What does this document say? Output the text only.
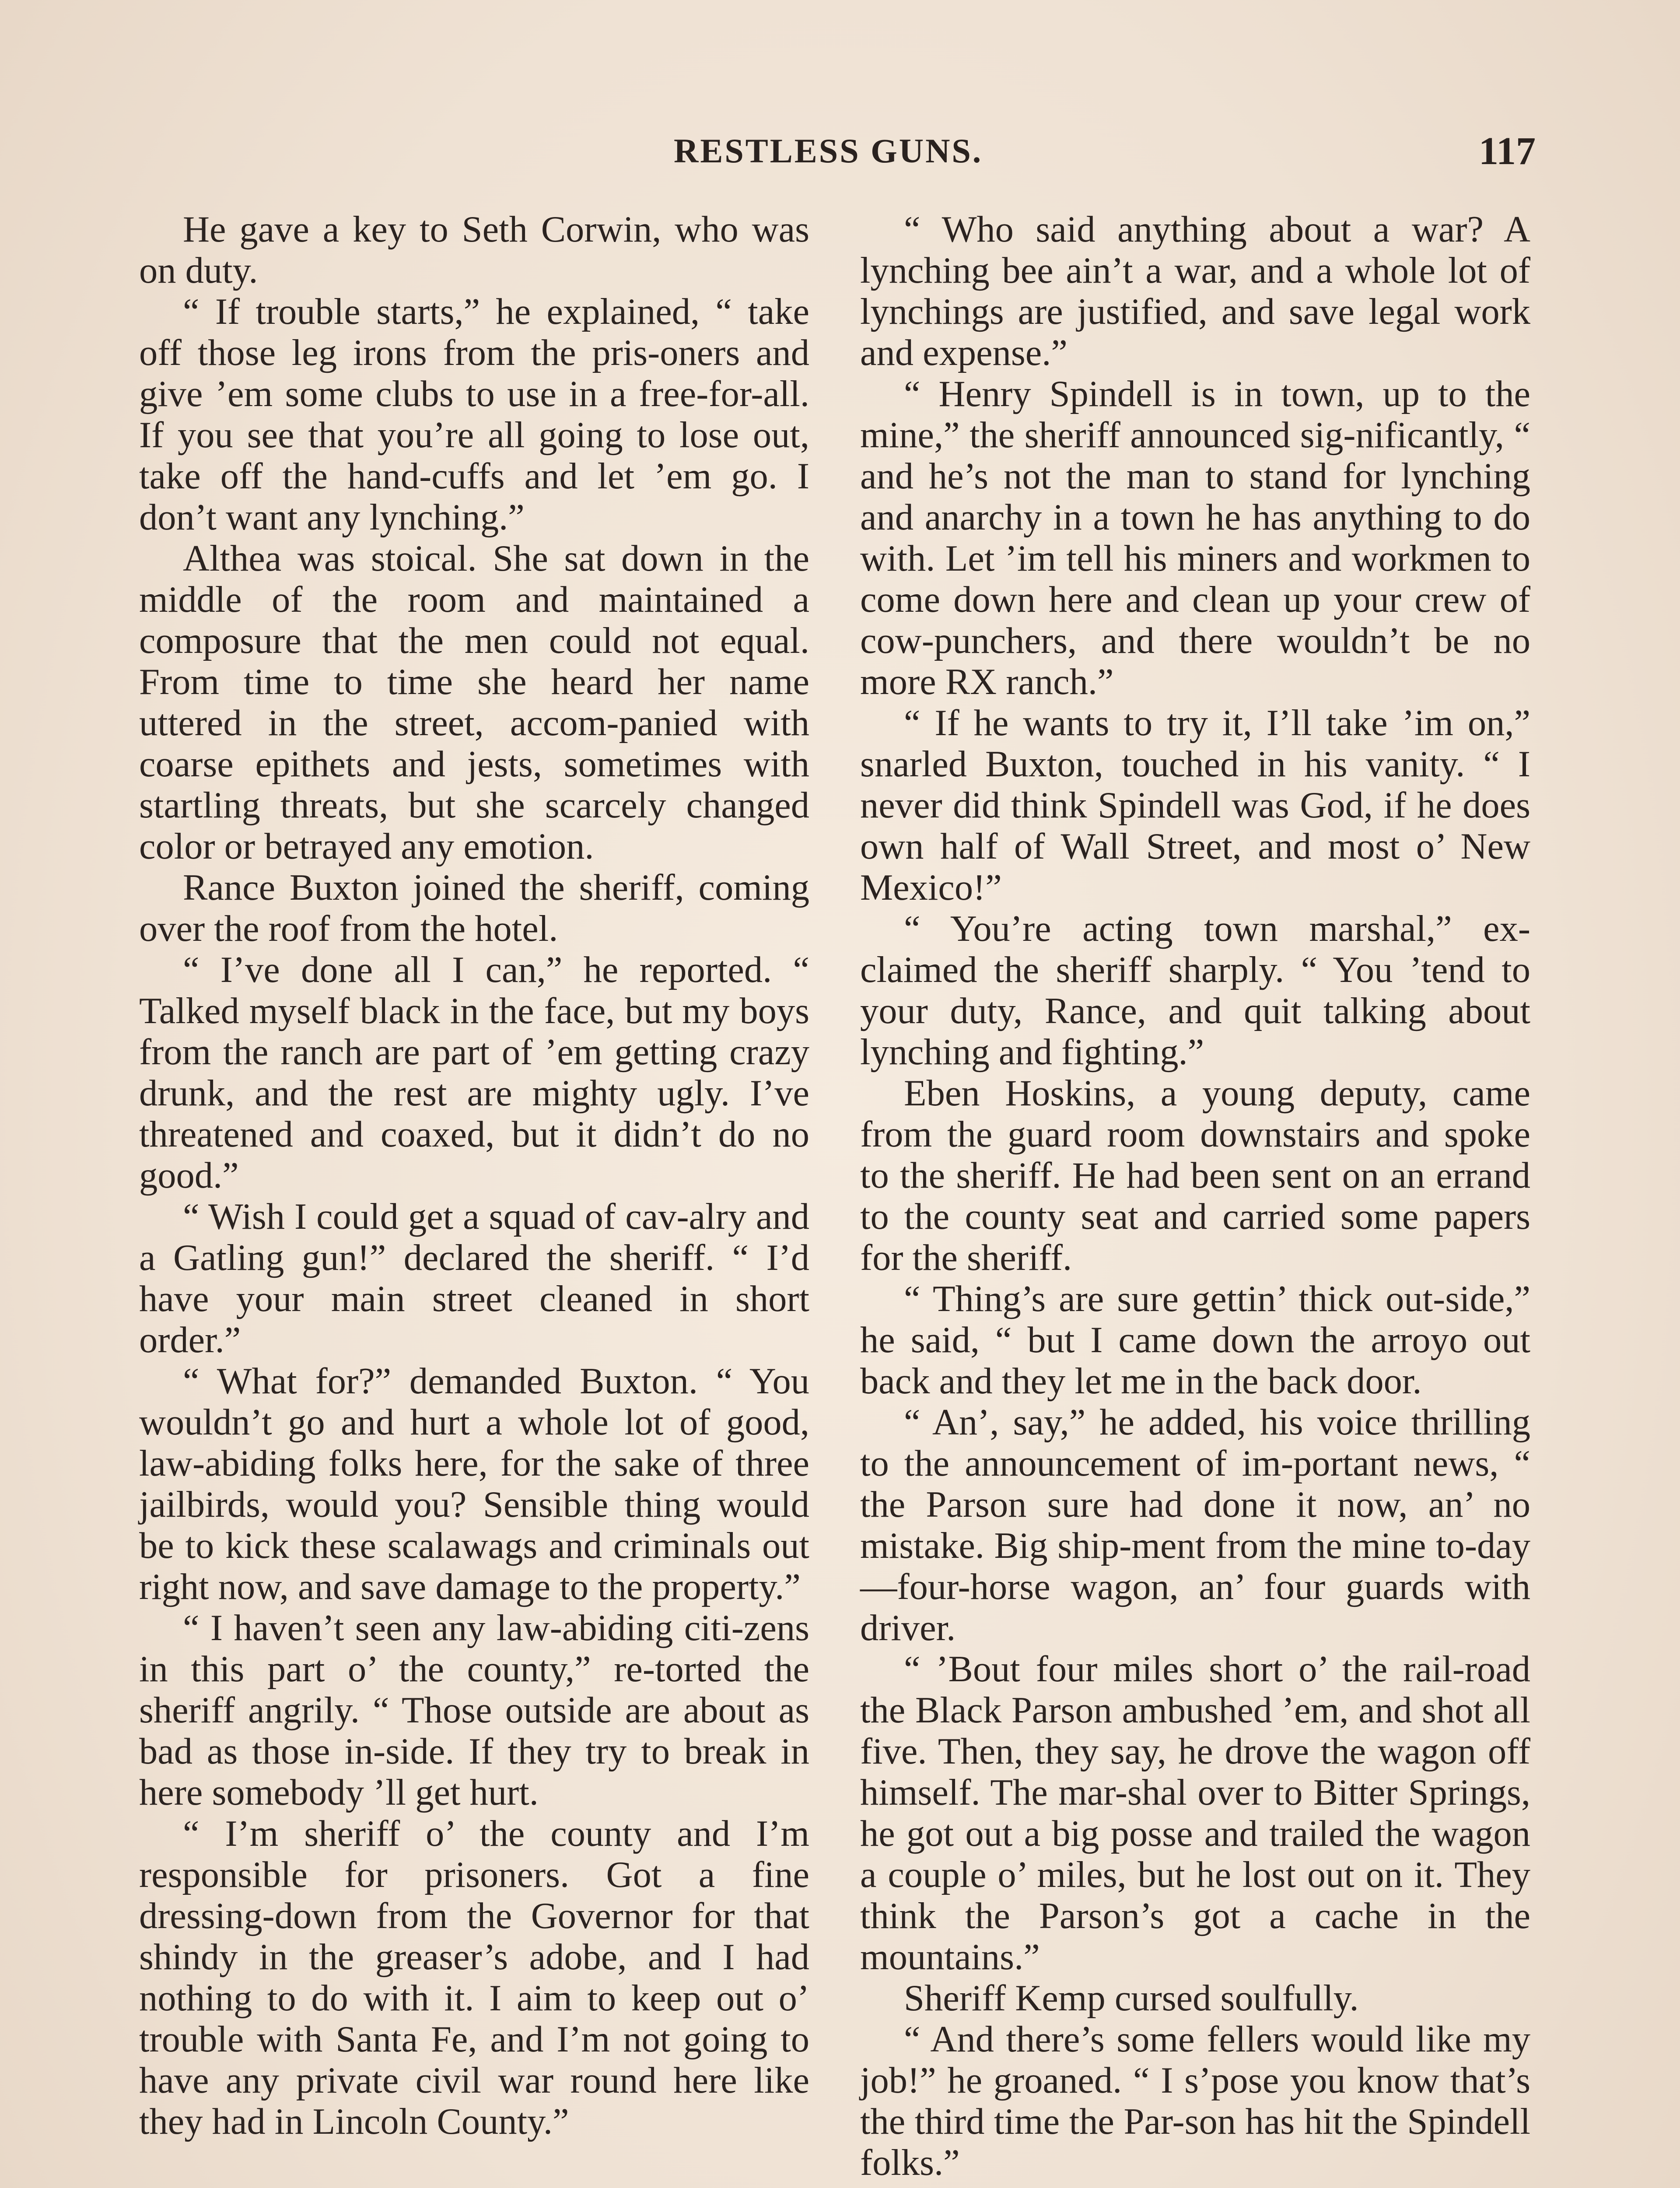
RESTLESS GUNS.	117

He gave a key to Seth Corwin, who was on duty.

“ If trouble starts,” he explained, “ take off those leg irons from the pris-oners and give ’em some clubs to use in a free-for-all. If you see that you’re all going to lose out, take off the hand-cuffs and let ’em go. I don’t want any lynching.”

Althea was stoical. She sat down in the middle of the room and maintained a composure that the men could not equal. From time to time she heard her name uttered in the street, accom-panied with coarse epithets and jests, sometimes with startling threats, but she scarcely changed color or betrayed any emotion.

Rance Buxton joined the sheriff, coming over the roof from the hotel.

“ I’ve done all I can,” he reported. “ Talked myself black in the face, but my boys from the ranch are part of ’em getting crazy drunk, and the rest are mighty ugly. I’ve threatened and coaxed, but it didn’t do no good.”

“ Wish I could get a squad of cav-alry and a Gatling gun!” declared the sheriff. “ I’d have your main street cleaned in short order.”

“ What for?” demanded Buxton. “ You wouldn’t go and hurt a whole lot of good, law-abiding folks here, for the sake of three jailbirds, would you? Sensible thing would be to kick these scalawags and criminals out right now, and save damage to the property.”

“ I haven’t seen any law-abiding citi-zens in this part o’ the county,” re-torted the sheriff angrily. “ Those outside are about as bad as those in-side. If they try to break in here somebody ’ll get hurt.

“ I’m sheriff o’ the county and I’m responsible for prisoners. Got a fine dressing-down from the Governor for that shindy in the greaser’s adobe, and I had nothing to do with it. I aim to keep out o’ trouble with Santa Fe, and I’m not going to have any private civil war round here like they had in Lincoln County.”

“ Who said anything about a war? A lynching bee ain’t a war, and a whole lot of lynchings are justified, and save legal work and expense.”

“ Henry Spindell is in town, up to the mine,” the sheriff announced sig-nificantly, “ and he’s not the man to stand for lynching and anarchy in a town he has anything to do with. Let ’im tell his miners and workmen to come down here and clean up your crew of cow-punchers, and there wouldn’t be no more RX ranch.”

“ If he wants to try it, I’ll take ’im on,” snarled Buxton, touched in his vanity. “ I never did think Spindell was God, if he does own half of Wall Street, and most o’ New Mexico!”

“ You’re acting town marshal,” ex-claimed the sheriff sharply. “ You ’tend to your duty, Rance, and quit talking about lynching and fighting.”

Eben Hoskins, a young deputy, came from the guard room downstairs and spoke to the sheriff. He had been sent on an errand to the county seat and carried some papers for the sheriff.

“ Thing’s are sure gettin’ thick out-side,” he said, “ but I came down the arroyo out back and they let me in the back door.

“ An’, say,” he added, his voice thrilling to the announcement of im-portant news, “ the Parson sure had done it now, an’ no mistake. Big ship-ment from the mine to-day—four-horse wagon, an’ four guards with driver.

“ ’Bout four miles short o’ the rail-road the Black Parson ambushed ’em, and shot all five. Then, they say, he drove the wagon off himself. The mar-shal over to Bitter Springs, he got out a big posse and trailed the wagon a couple o’ miles, but he lost out on it. They think the Parson’s got a cache in the mountains.”

Sheriff Kemp cursed soulfully.

“ And there’s some fellers would like my job!” he groaned. “ I s’pose you know that’s the third time the Par-son has hit the Spindell folks.”
